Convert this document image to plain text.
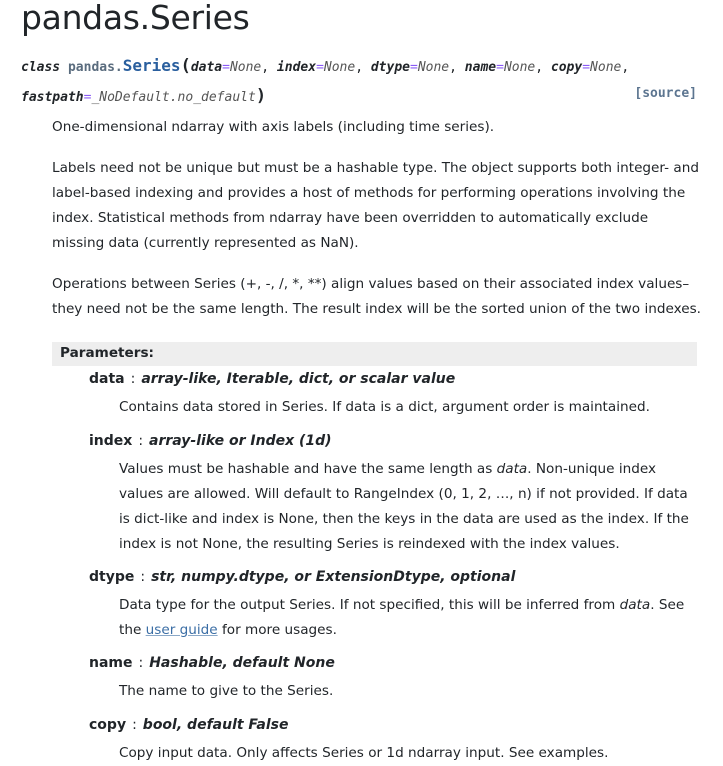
pandas.Series
class pandas.Series(data=None, index=None, dtype=None, name=None, copy=None,
fastpath=_NoDefault.no_default)	[source]

One-dimensional ndarray with axis labels (including time series).

Labels need not be unique but must be a hashable type. The object supports both integer- and label-based indexing and provides a host of methods for performing operations involving the index. Statistical methods from ndarray have been overridden to automatically exclude missing data (currently represented as NaN).

Operations between Series (+, -, /, *, **) align values based on their associated index values– they need not be the same length. The result index will be the sorted union of the two indexes.

Parameters:
data : array-like, Iterable, dict, or scalar value

Contains data stored in Series. If data is a dict, argument order is maintained.

index : array-like or Index (1d)

Values must be hashable and have the same length as data. Non-unique index values are allowed. Will default to RangeIndex (0, 1, 2, …, n) if not provided. If data is dict-like and index is None, then the keys in the data are used as the index. If the index is not None, the resulting Series is reindexed with the index values.

dtype : str, numpy.dtype, or ExtensionDtype, optional

Data type for the output Series. If not specified, this will be inferred from data. See the user guide for more usages.

name : Hashable, default None

The name to give to the Series.

copy : bool, default False

Copy input data. Only affects Series or 1d ndarray input. See examples.
